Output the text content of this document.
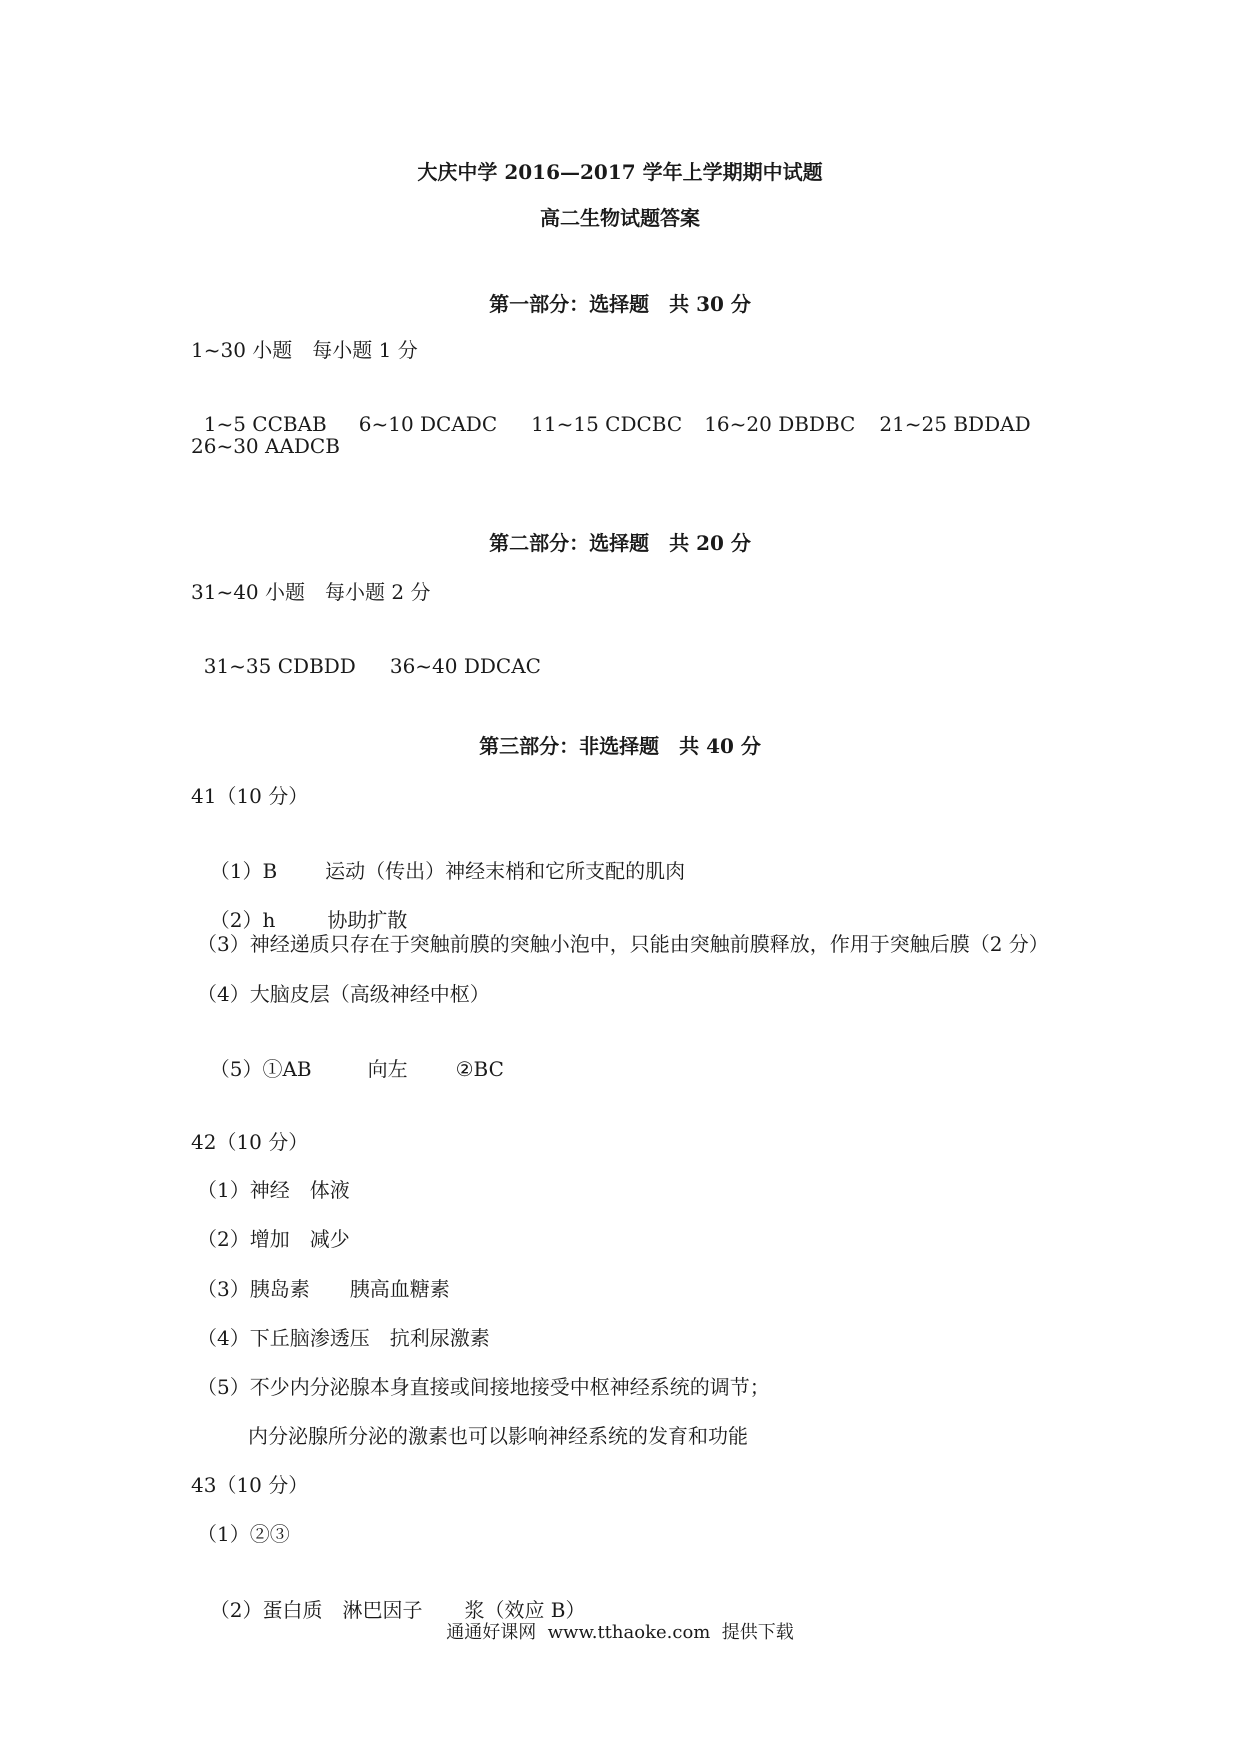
大庆中学 2016—2017 学年上学期期中试题
高二生物试题答案
第一部分：选择题　共 30 分
1~30 小题　每小题 1 分

1~5 CCBAB 6~10 DCADC 11~15 CDCBC 16~20 DBDBC 21~25 BDDAD

26~30 AADCB
第二部分：选择题　共 20 分
31~40 小题　每小题 2 分

31~35 CDBDD 36~40 DDCAC

第三部分：非选择题　共 40 分
41（10 分）

（1）B 运动（传出）神经末梢和它所支配的肌肉

（2）h	协助扩散

（3）神经递质只存在于突触前膜的突触小泡中，只能由突触前膜释放，作用于突触后膜（2 分）
（4）大脑皮层（高级神经中枢）

（5）①AB	向左 ②BC

42（10 分）
（1）神经　体液
（2）增加　减少
（3）胰岛素　　胰高血糖素
（4）下丘脑渗透压　抗利尿激素
（5）不少内分泌腺本身直接或间接地接受中枢神经系统的调节；
内分泌腺所分泌的激素也可以影响神经系统的发育和功能
43（10 分）
（1）②③

（2）蛋白质　淋巴因子 浆（效应 B）

通通好课网  www.tthaoke.com  提供下载
